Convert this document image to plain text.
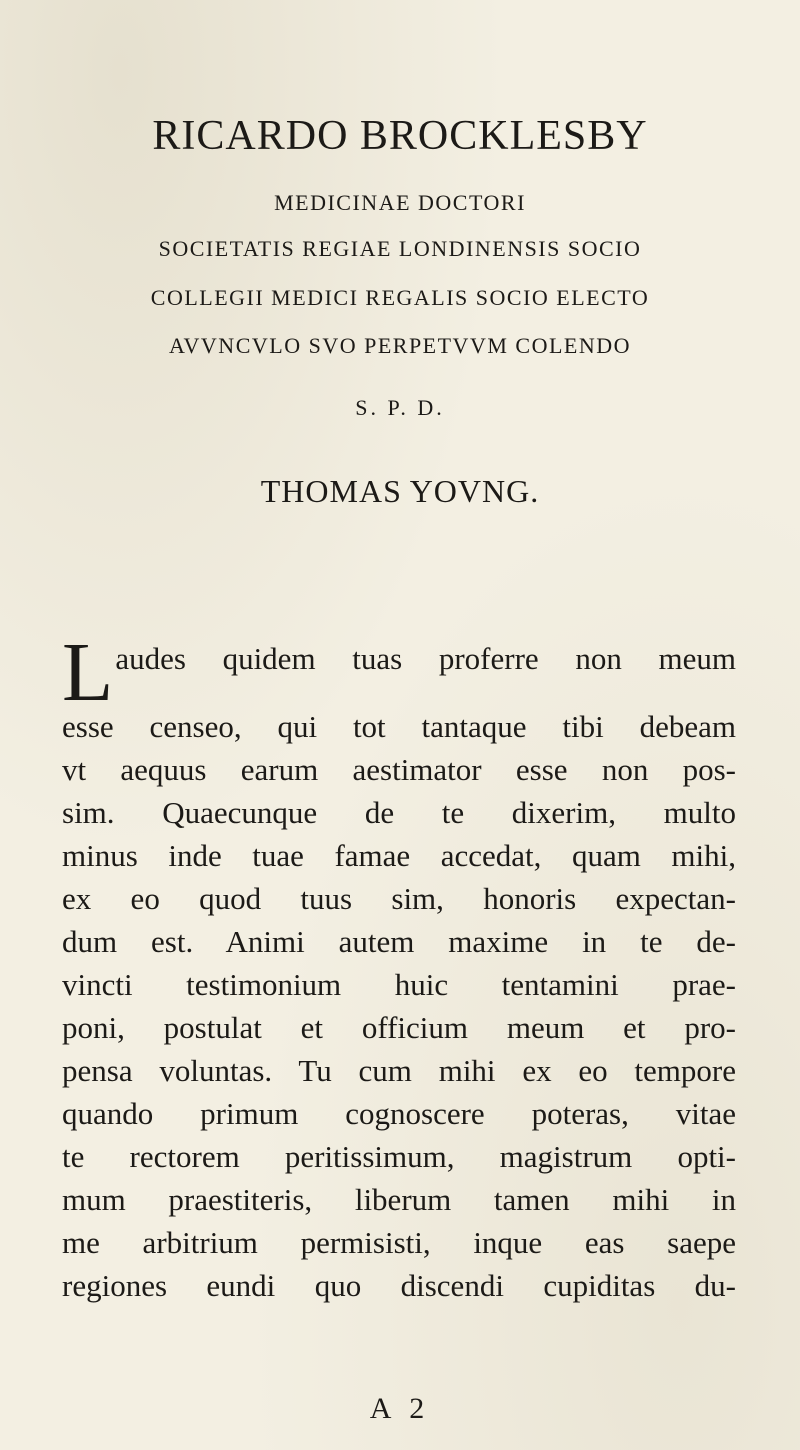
RICARDO BROCKLESBY
MEDICINAE DOCTORI
SOCIETATIS REGIAE LONDINENSIS SOCIO
COLLEGII MEDICI REGALIS SOCIO ELECTO
AVVNCVLO SVO PERPETVVM COLENDO
S. P. D.
THOMAS YOVNG.
L audes quidem tuas proferre non meum
esse censeo, qui tot tantaque tibi debeam
vt aequus earum aestimator esse non pos-
sim. Quaecunque de te dixerim, multo
minus inde tuae famae accedat, quam mihi,
ex eo quod tuus sim, honoris expectan-
dum est. Animi autem maxime in te de-
vincti testimonium huic tentamini prae-
poni, postulat et officium meum et pro-
pensa voluntas. Tu cum mihi ex eo tempore
quando primum cognoscere poteras, vitae
te rectorem peritissimum, magistrum opti-
mum praestiteris, liberum tamen mihi in
me arbitrium permisisti, inque eas saepe
regiones eundi quo discendi cupiditas du-
A 2
